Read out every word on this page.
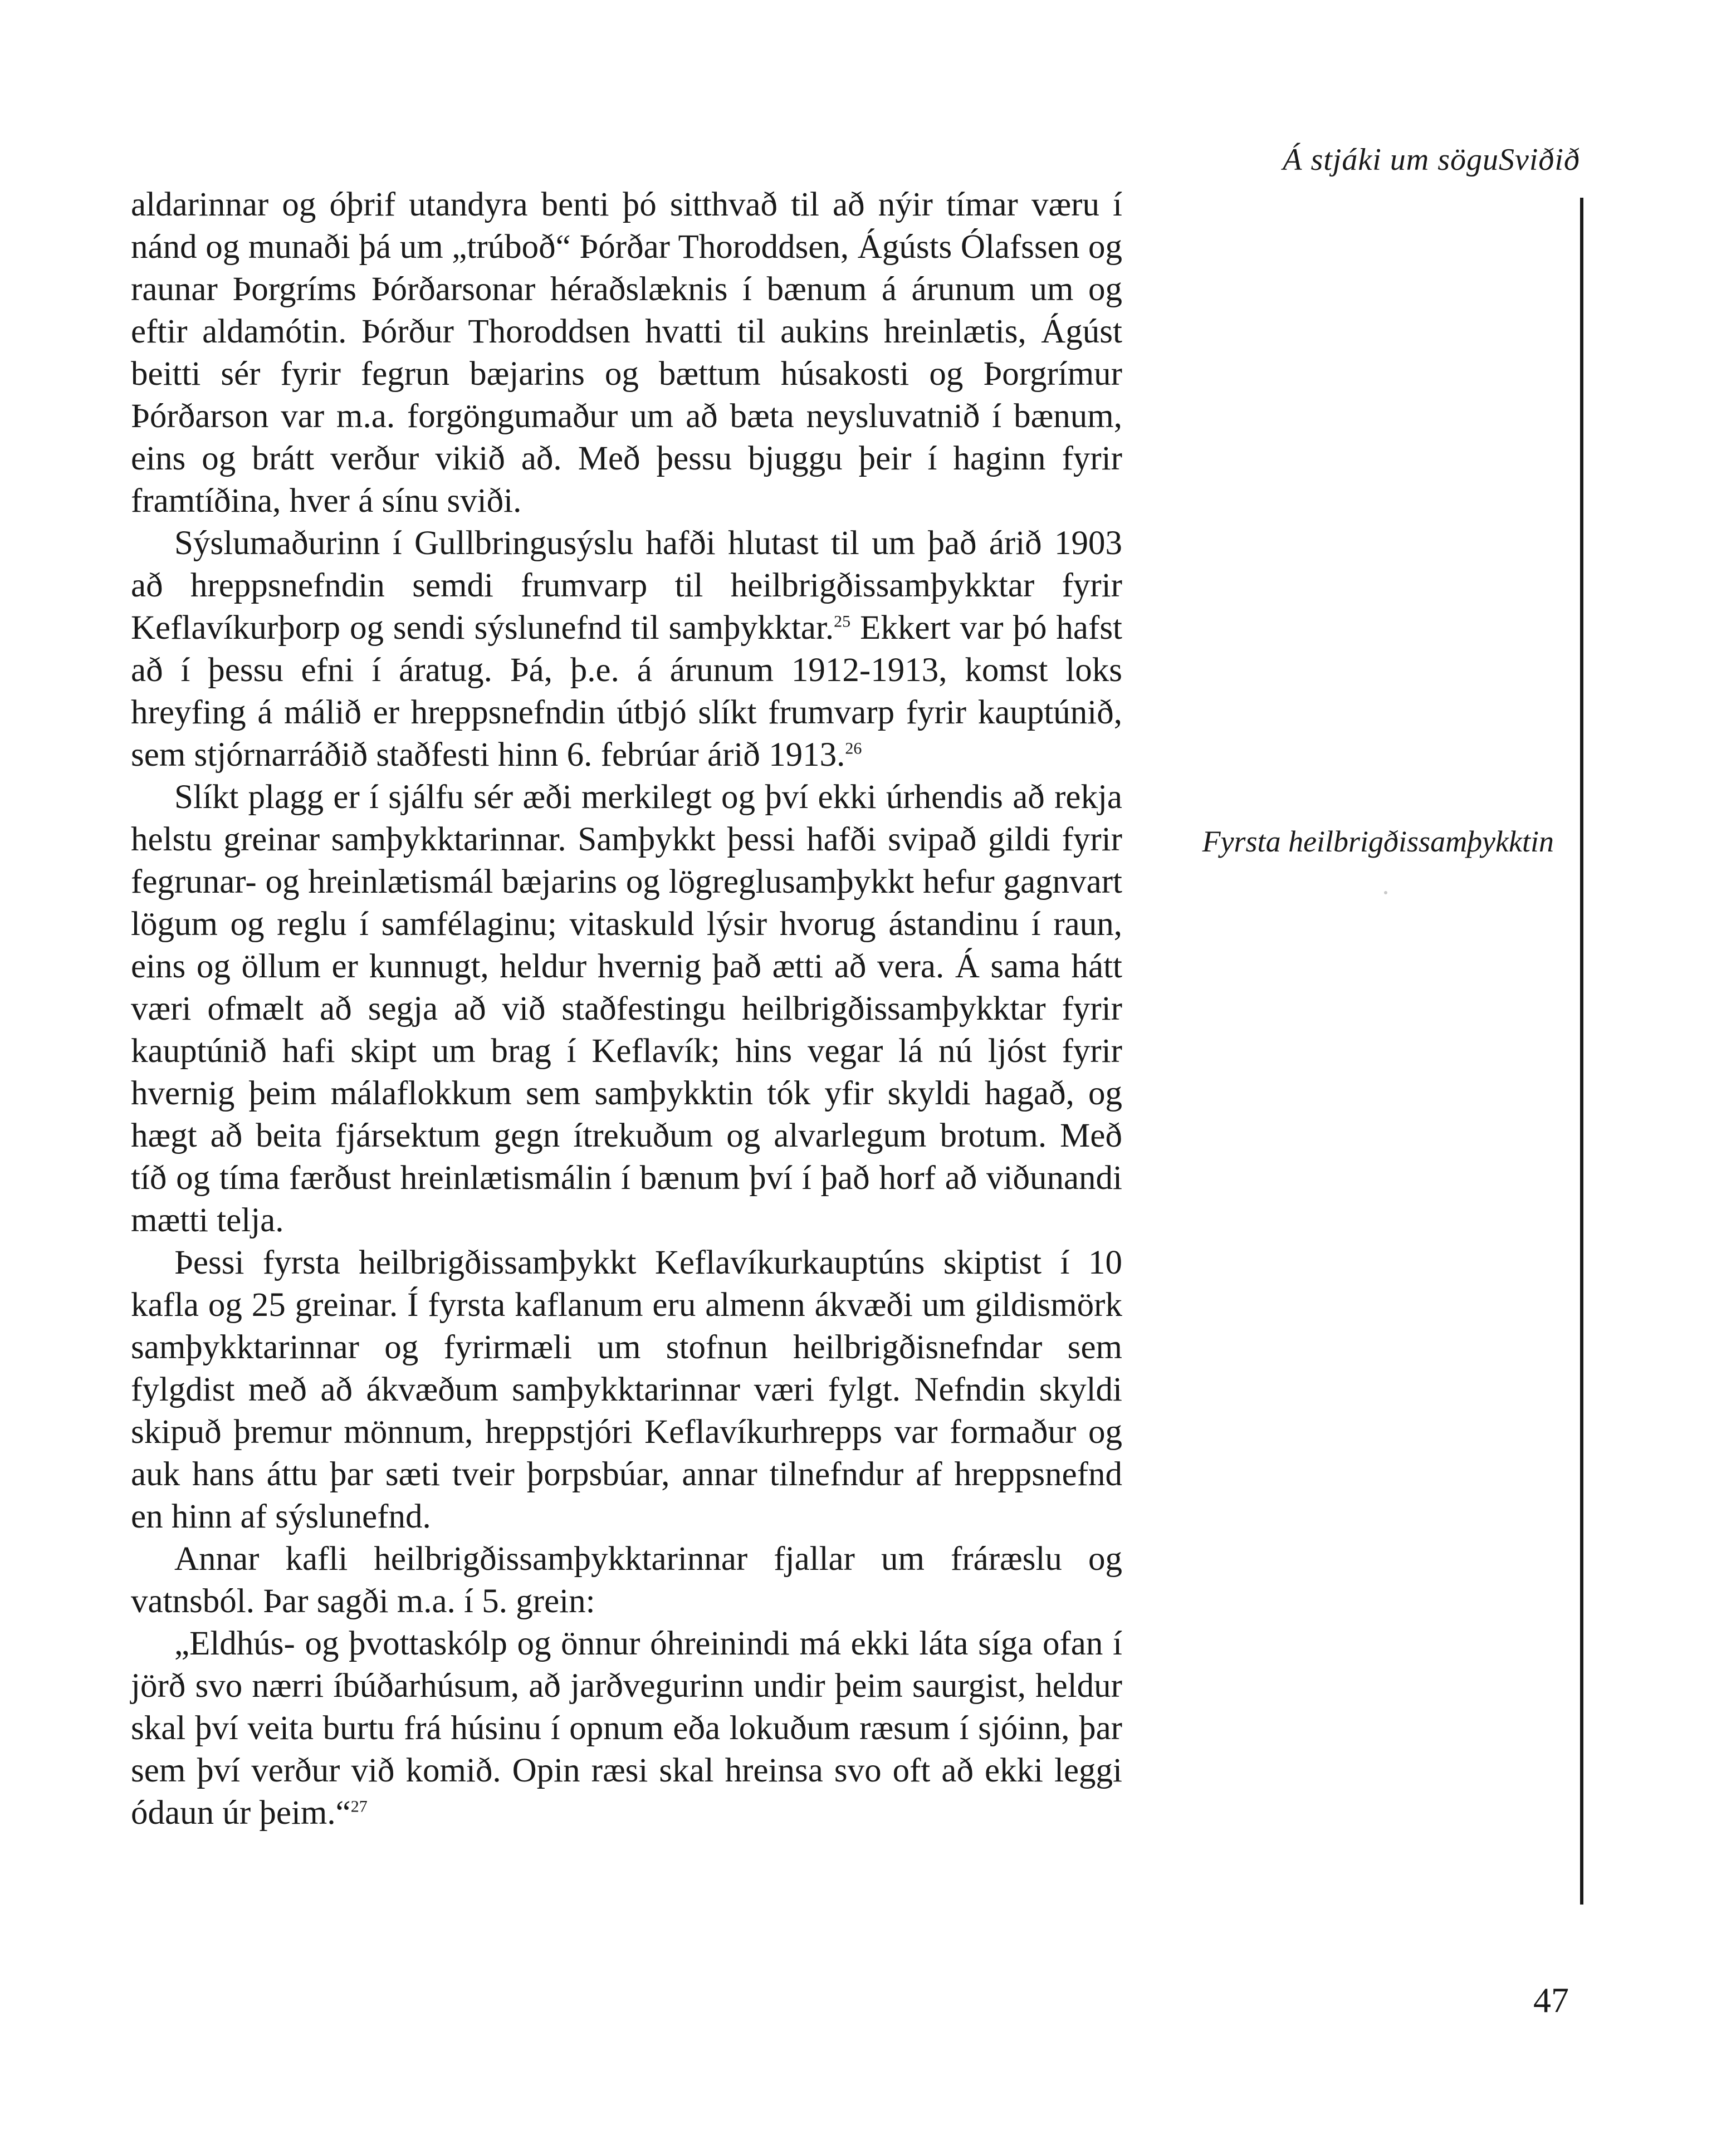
Á stjáki um söguSviðið

aldarinnar og óþrif utandyra benti þó sitthvað til að nýir tímar væru í nánd og munaði þá um „trúboð“ Þórðar Thoroddsen, Ágústs Ólafssen og raunar Þorgríms Þórðarsonar héraðslæknis í bænum á árunum um og eftir aldamótin. Þórður Thoroddsen hvatti til aukins hreinlætis, Ágúst beitti sér fyrir fegrun bæjarins og bættum húsakosti og Þorgrímur Þórðarson var m.a. forgöngumaður um að bæta neysluvatnið í bænum, eins og brátt verður vikið að. Með þessu bjuggu þeir í haginn fyrir framtíðina, hver á sínu sviði.

Sýslumaðurinn í Gullbringusýslu hafði hlutast til um það árið 1903 að hreppsnefndin semdi frumvarp til heilbrigðissamþykktar fyrir Keflavíkurþorp og sendi sýslunefnd til samþykktar.$^{25}$ Ekkert var þó hafst að í þessu efni í áratug. Þá, þ.e. á árunum 1912-1913, komst loks hreyfing á málið er hreppsnefndin útbjó slíkt frumvarp fyrir kauptúnið, sem stjórnarráðið staðfesti hinn 6. febrúar árið 1913.26

Slíkt plagg er í sjálfu sér æði merkilegt og því ekki úrhendis að rekja helstu greinar samþykktarinnar. Samþykkt þessi hafði svipað gildi fyrir fegrunar- og hreinlætismál bæjarins og lögreglusamþykkt hefur gagnvart lögum og reglu í samfélaginu; vitaskuld lýsir hvorug ástandinu í raun, eins og öllum er kunnugt, heldur hvernig það ætti að vera. Á sama hátt væri ofmælt að segja að við staðfestingu heilbrigðissamþykktar fyrir kauptúnið hafi skipt um brag í Keflavík; hins vegar lá nú ljóst fyrir hvernig þeim málaflokkum sem samþykktin tók yfir skyldi hagað, og hægt að beita fjársektum gegn ítrekuðum og alvarlegum brotum. Með tíð og tíma færðust hreinlætismálin í bænum því í það horf að viðunandi mætti telja.

Þessi fyrsta heilbrigðissamþykkt Keflavíkurkauptúns skiptist í 10 kafla og 25 greinar. Í fyrsta kaflanum eru almenn ákvæði um gildismörk samþykktarinnar og fyrirmæli um stofnun heilbrigðisnefndar sem fylgdist með að ákvæðum samþykktarinnar væri fylgt. Nefndin skyldi skipuð þremur mönnum, hreppstjóri Keflavíkurhrepps var formaður og auk hans áttu þar sæti tveir þorpsbúar, annar tilnefndur af hreppsnefnd en hinn af sýslunefnd.

Annar kafli heilbrigðissamþykktarinnar fjallar um fráræslu og vatnsból. Þar sagði m.a. í 5. grein:

„Eldhús- og þvottaskólp og önnur óhreinindi má ekki láta síga ofan í jörð svo nærri íbúðarhúsum, að jarðvegurinn undir þeim saurgist, heldur skal því veita burtu frá húsinu í opnum eða lokuðum ræsum í sjóinn, þar sem því verður við komið. Opin ræsi skal hreinsa svo oft að ekki leggi ódaun úr þeim.“$^{27}$

Fyrsta heilbrigðissamþykktin
47
